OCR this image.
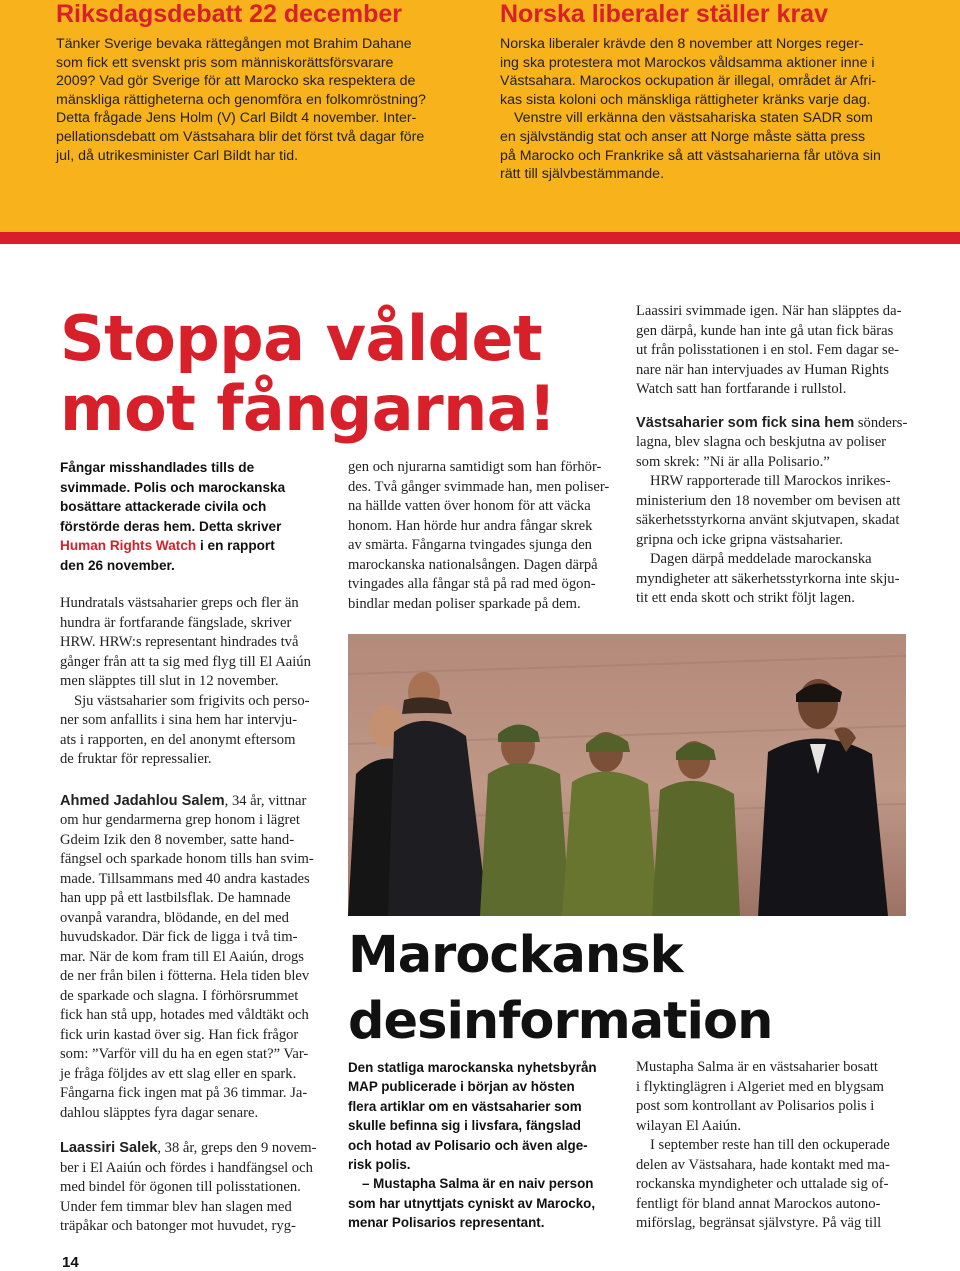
Riksdagsdebatt 22 december
Tänker Sverige bevaka rättegången mot Brahim Dahane
som fick ett svenskt pris som människorättsförsvarare
2009? Vad gör Sverige för att Marocko ska respektera de
mänskliga rättigheterna och genomföra en folkomröstning?
Detta frågade Jens Holm (V) Carl Bildt 4 november. Inter-
pellationsdebatt om Västsahara blir det först två dagar före
jul, då utrikesminister Carl Bildt har tid.
Norska liberaler ställer krav
Norska liberaler krävde den 8 november att Norges reger-
ing ska protestera mot Marockos våldsamma aktioner inne i
Västsahara. Marockos ockupation är illegal, området är Afri-
kas sista koloni och mänskliga rättigheter kränks varje dag.
Venstre vill erkänna den västsahariska staten SADR som
en självständig stat och anser att Norge måste sätta press
på Marocko och Frankrike så att västsaharierna får utöva sin
rätt till självbestämmande.
Stoppa våldet
mot fångarna!
Fångar misshandlades tills de
svimmade. Polis och marockanska
bosättare attackerade civila och
förstörde deras hem. Detta skriver
Human Rights Watch i en rapport
den 26 november.
Hundratals västsaharier greps och fler än
hundra är fortfarande fängslade, skriver
HRW. HRW:s representant hindrades två
gånger från att ta sig med flyg till El Aaiún
men släpptes till slut in 12 november.
Sju västsaharier som frigivits och perso-
ner som anfallits i sina hem har intervju-
ats i rapporten, en del anonymt eftersom
de fruktar för repressalier.
Ahmed Jadahlou Salem, 34 år, vittnar
om hur gendarmerna grep honom i lägret
Gdeim Izik den 8 november, satte hand-
fängsel och sparkade honom tills han svim-
made. Tillsammans med 40 andra kastades
han upp på ett lastbilsflak. De hamnade
ovanpå varandra, blödande, en del med
huvudskador. Där fick de ligga i två tim-
mar. När de kom fram till El Aaiún, drogs
de ner från bilen i fötterna. Hela tiden blev
de sparkade och slagna. I förhörsrummet
fick han stå upp, hotades med våldtäkt och
fick urin kastad över sig. Han fick frågor
som: ”Varför vill du ha en egen stat?” Var-
je fråga följdes av ett slag eller en spark.
Fångarna fick ingen mat på 36 timmar. Ja-
dahlou släpptes fyra dagar senare.
Laassiri Salek, 38 år, greps den 9 novem-
ber i El Aaiún och fördes i handfängsel och
med bindel för ögonen till polisstationen.
Under fem timmar blev han slagen med
träpåkar och batonger mot huvudet, ryg-
gen och njurarna samtidigt som han förhör-
des. Två gånger svimmade han, men poliser-
na hällde vatten över honom för att väcka
honom. Han hörde hur andra fångar skrek
av smärta. Fångarna tvingades sjunga den
marockanska nationalsången. Dagen därpå
tvingades alla fångar stå på rad med ögon-
bindlar medan poliser sparkade på dem.
Laassiri svimmade igen. När han släpptes da-
gen därpå, kunde han inte gå utan fick bäras
ut från polisstationen i en stol. Fem dagar se-
nare när han intervjuades av Human Rights
Watch satt han fortfarande i rullstol.
Västsaharier som fick sina hem sönders-
lagna, blev slagna och beskjutna av poliser
som skrek: ”Ni är alla Polisario.”
HRW rapporterade till Marockos inrikes-
ministerium den 18 november om bevisen att
säkerhetsstyrkorna använt skjutvapen, skadat
gripna och icke gripna västsaharier.
Dagen därpå meddelade marockanska
myndigheter att säkerhetsstyrkorna inte skju-
tit ett enda skott och strikt följt lagen.
Marockansk
desinformation
Den statliga marockanska nyhetsbyrån
MAP publicerade i början av hösten
flera artiklar om en västsaharier som
skulle befinna sig i livsfara, fängslad
och hotad av Polisario och även alge-
risk polis.
– Mustapha Salma är en naiv person
som har utnyttjats cyniskt av Marocko,
menar Polisarios representant.
Mustapha Salma är en västsaharier bosatt
i flyktinglägren i Algeriet med en blygsam
post som kontrollant av Polisarios polis i
wilayan El Aaiún.
I september reste han till den ockuperade
delen av Västsahara, hade kontakt med ma-
rockanska myndigheter och uttalade sig of-
fentligt för bland annat Marockos autono-
miförslag, begränsat självstyre. På väg till

14
